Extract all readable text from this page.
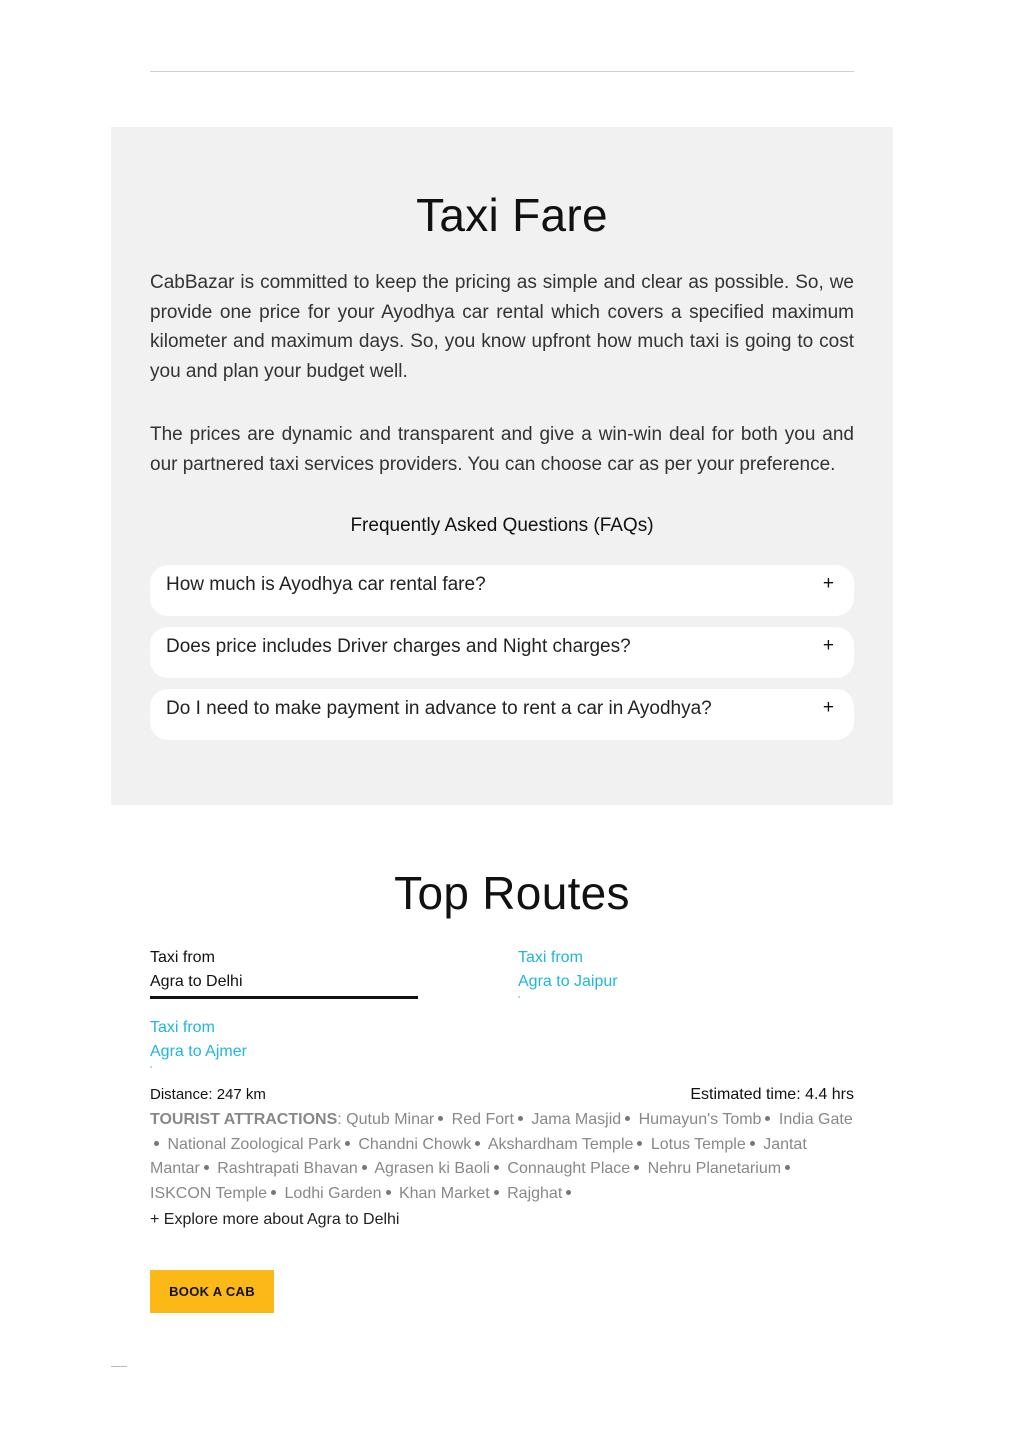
Taxi Fare

CabBazar is committed to keep the pricing as simple and clear as possible. So, we provide one price for your Ayodhya car rental which covers a specified maximum kilometer and maximum days. So, you know upfront how much taxi is going to cost you and plan your budget well.

The prices are dynamic and transparent and give a win-win deal for both you and our partnered taxi services providers. You can choose car as per your preference.

Frequently Asked Questions (FAQs)
How much is Ayodhya car rental fare?	+
Does price includes Driver charges and Night charges?	+
Do I need to make payment in advance to rent a car in Ayodhya?	+
Top Routes
Taxi from
Agra to Delhi
Taxi from
Agra to Jaipur
Taxi from
Agra to Ajmer
Distance: 247 km	Estimated time: 4.4 hrs
TOURIST ATTRACTIONS: Qutub Minar Red Fort Jama Masjid Humayun's Tomb India Gate National Zoological Park Chandni Chowk Akshardham Temple Lotus Temple Jantat Mantar Rashtrapati Bhavan Agrasen ki Baoli Connaught Place Nehru Planetarium ISKCON Temple Lodhi Garden Khan Market Rajghat
+ Explore more about Agra to Delhi
BOOK A CAB
